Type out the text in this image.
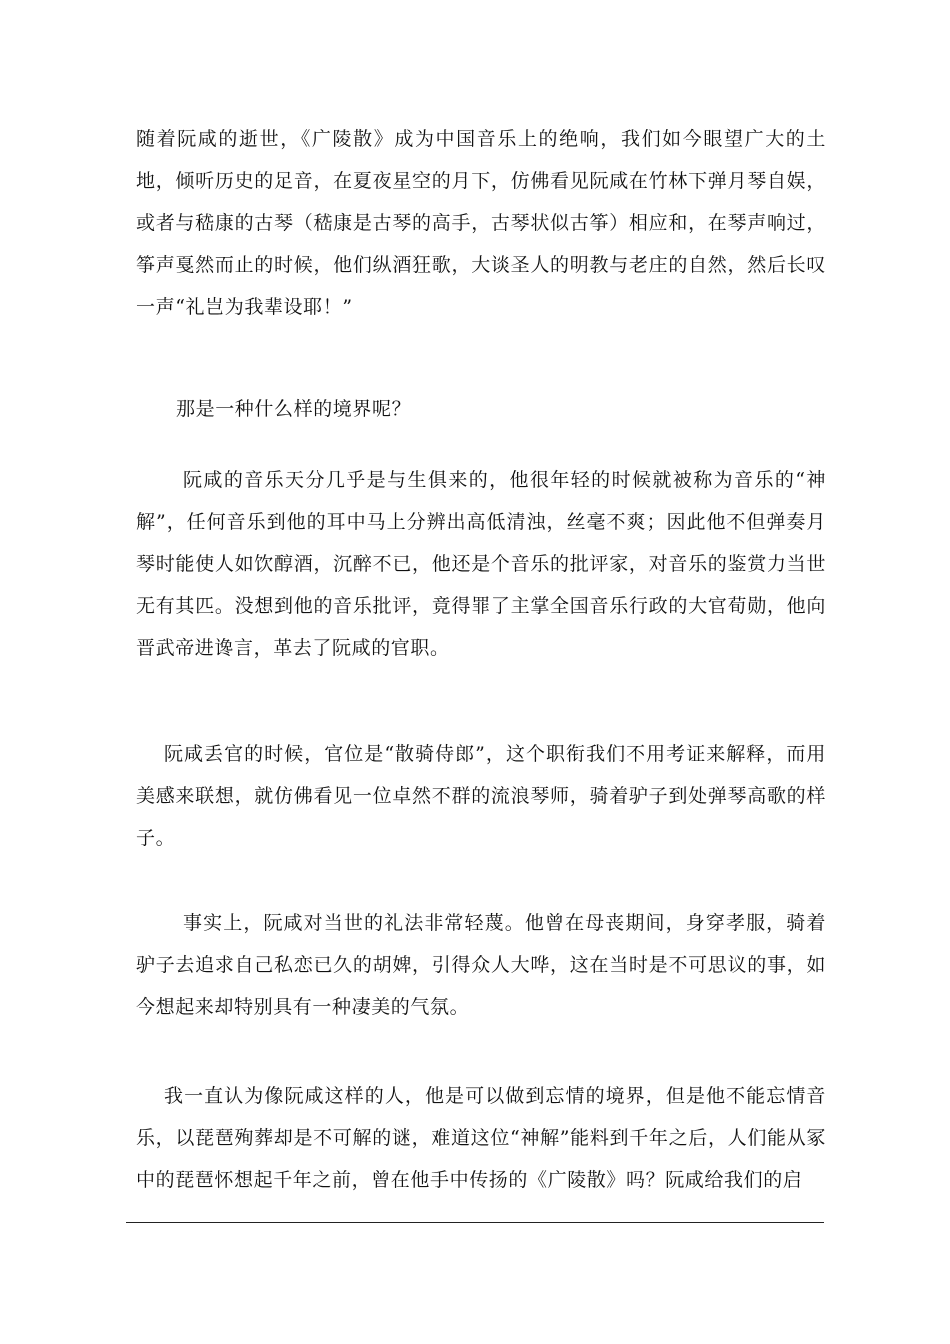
随着阮咸的逝世，《广陵散》成为中国音乐上的绝响，我们如今眼望广大的土地，倾听历史的足音，在夏夜星空的月下，仿佛看见阮咸在竹林下弹月琴自娱，或者与嵇康的古琴（嵇康是古琴的高手，古琴状似古筝）相应和，在琴声响过，筝声戛然而止的时候，他们纵酒狂歌，大谈圣人的明教与老庄的自然，然后长叹一声“礼岂为我辈设耶！”

那是一种什么样的境界呢？

阮咸的音乐天分几乎是与生俱来的，他很年轻的时候就被称为音乐的“神解”，任何音乐到他的耳中马上分辨出高低清浊，丝毫不爽；因此他不但弹奏月琴时能使人如饮醇酒，沉醉不已，他还是个音乐的批评家，对音乐的鉴赏力当世无有其匹。没想到他的音乐批评，竟得罪了主掌全国音乐行政的大官荀勋，他向晋武帝进谗言，革去了阮咸的官职。

阮咸丢官的时候，官位是“散骑侍郎”，这个职衔我们不用考证来解释，而用美感来联想，就仿佛看见一位卓然不群的流浪琴师，骑着驴子到处弹琴高歌的样子。

事实上，阮咸对当世的礼法非常轻蔑。他曾在母丧期间，身穿孝服，骑着驴子去追求自己私恋已久的胡婢，引得众人大哗，这在当时是不可思议的事，如今想起来却特别具有一种凄美的气氛。

我一直认为像阮咸这样的人，他是可以做到忘情的境界，但是他不能忘情音乐，以琵琶殉葬却是不可解的谜，难道这位“神解”能料到千年之后，人们能从冢中的琵琶怀想起千年之前，曾在他手中传扬的《广陵散》吗？阮咸给我们的启
